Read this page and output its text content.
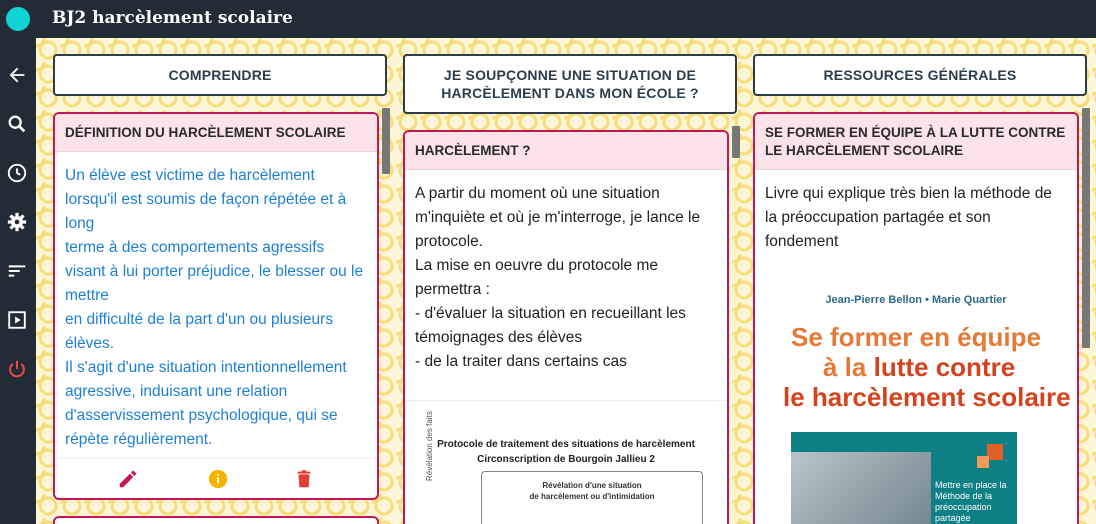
BJ2 harcèlement scolaire
COMPRENDRE	JE SOUPÇONNE UNE SITUATION DE HARCÈLEMENT DANS MON ÉCOLE ?
RESSOURCES GÉNÉRALES
DÉFINITION DU HARCÈLEMENT SCOLAIRE
Un élève est victime de harcèlement lorsqu'il est soumis de façon répétée et à long
terme à des comportements agressifs visant à lui porter préjudice, le blesser ou le mettre
en difficulté de la part d'un ou plusieurs élèves.
Il s'agit d'une situation intentionnellement agressive, induisant une relation d'asservissement psychologique, qui se répète régulièrement.
HARCÈLEMENT ?
A partir du moment où une situation m'inquiète et où je m'interroge, je lance le protocole.
La mise en oeuvre du protocole me permettra :
- d'évaluer la situation en recueillant les témoignages des élèves
- de la traiter dans certains cas
Protocole de traitement des situations de harcèlement
Circonscription de Bourgoin Jallieu 2
Révélation des faits
Révélation d'une situation
de harcèlement ou d'intimidation
SE FORMER EN ÉQUIPE À LA LUTTE CONTRE LE HARCÈLEMENT SCOLAIRE
Livre qui explique très bien la méthode de la préoccupation partagée et son fondement
Jean-Pierre Bellon • Marie Quartier
Se former en équipe
à la lutte contre
le harcèlement scolaire
Mettre en place la Méthode de la préoccupation partagée
